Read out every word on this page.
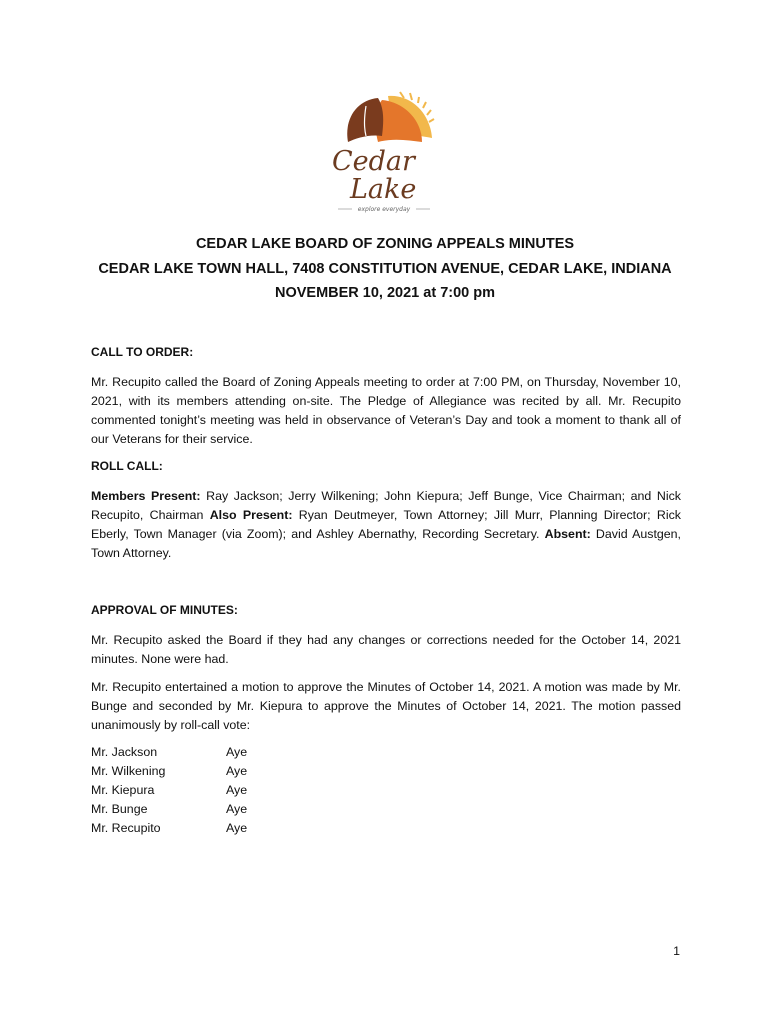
Cedar
Lake
explore everyday
CEDAR LAKE BOARD OF ZONING APPEALS MINUTES
CEDAR LAKE TOWN HALL, 7408 CONSTITUTION AVENUE, CEDAR LAKE, INDIANA
NOVEMBER 10, 2021 at 7:00 pm
CALL TO ORDER:

Mr. Recupito called the Board of Zoning Appeals meeting to order at 7:00 PM, on Thursday, November 10, 2021, with its members attending on-site. The Pledge of Allegiance was recited by all. Mr. Recupito commented tonight’s meeting was held in observance of Veteran’s Day and took a moment to thank all of our Veterans for their service.

ROLL CALL:

Members Present: Ray Jackson; Jerry Wilkening; John Kiepura; Jeff Bunge, Vice Chairman; and Nick Recupito, Chairman Also Present: Ryan Deutmeyer, Town Attorney; Jill Murr, Planning Director; Rick Eberly, Town Manager (via Zoom); and Ashley Abernathy, Recording Secretary. Absent: David Austgen, Town Attorney.

APPROVAL OF MINUTES:

Mr. Recupito asked the Board if they had any changes or corrections needed for the October 14, 2021 minutes. None were had.

Mr. Recupito entertained a motion to approve the Minutes of October 14, 2021. A motion was made by Mr. Bunge and seconded by Mr. Kiepura to approve the Minutes of October 14, 2021. The motion passed unanimously by roll-call vote:

Mr. Jackson	Aye
Mr. Wilkening	Aye
Mr. Kiepura	Aye
Mr. Bunge	Aye
Mr. Recupito	Aye
1
